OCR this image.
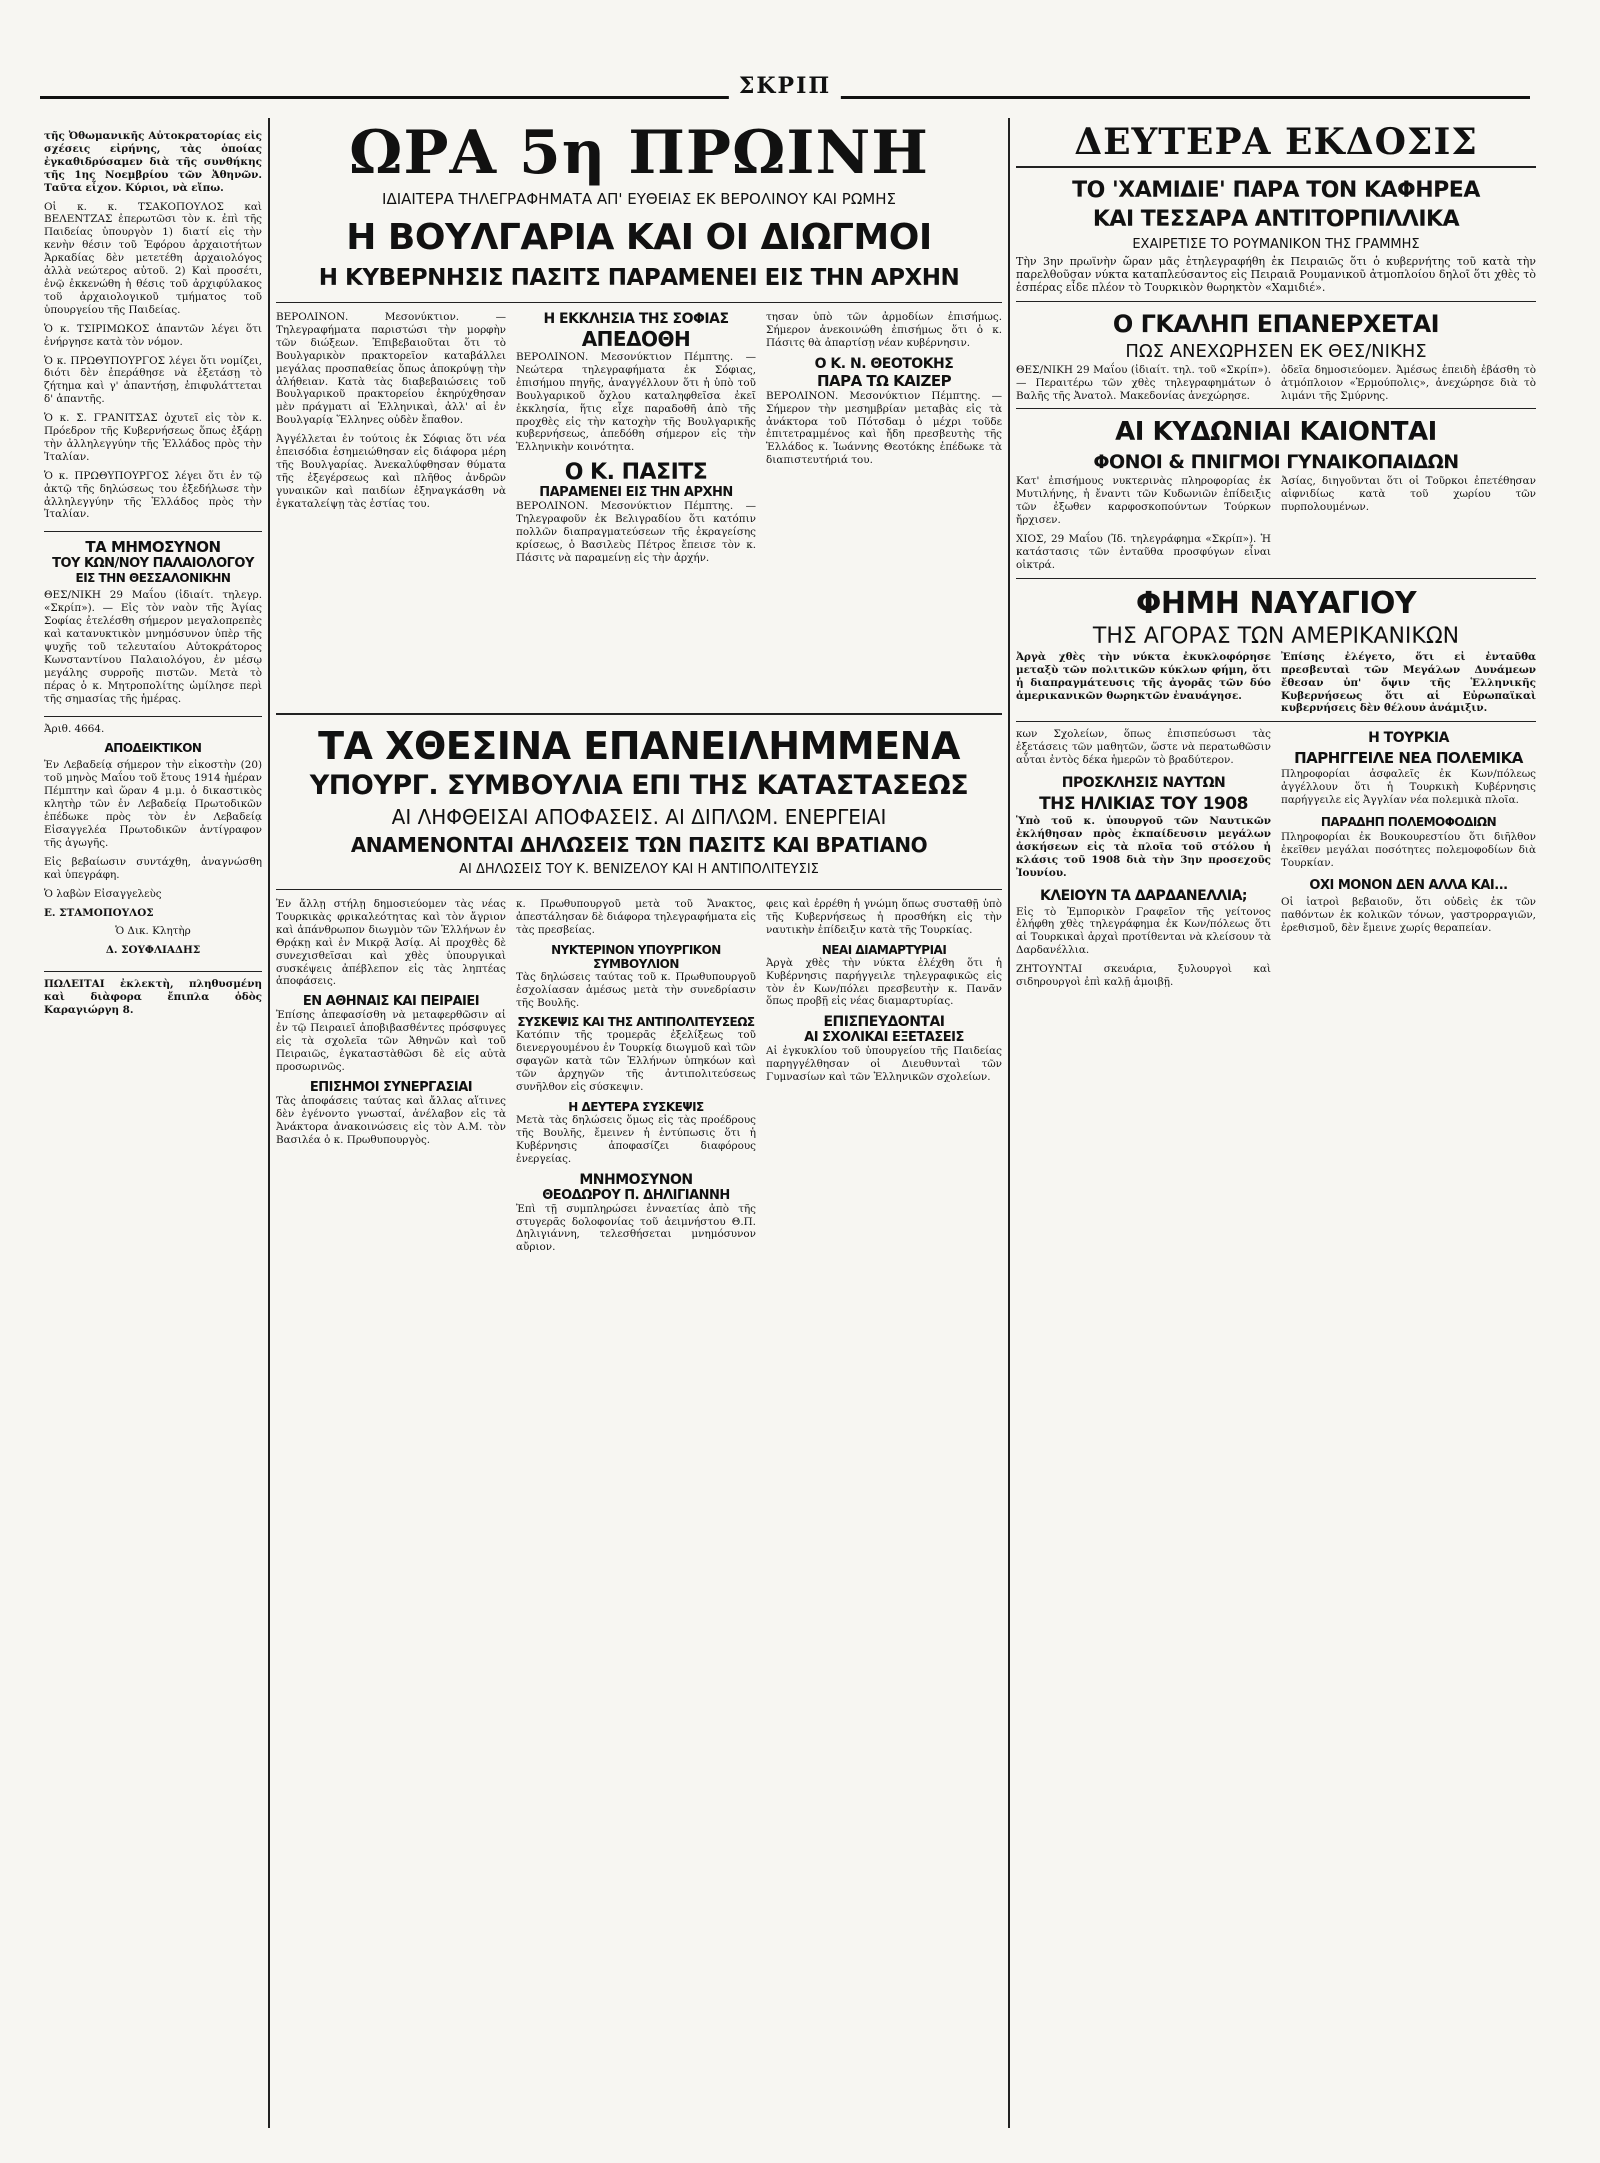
ΣΚΡΙΠ

τῆς Ὀθωμανικῆς Αὐτοκρατορίας εἰς σχέσεις εἰρήνης, τὰς ὁποίας ἐγκαθιδρύσαμεν διὰ τῆς συνθήκης τῆς 1ης Νοεμβρίου τῶν Ἀθηνῶν. Ταῦτα εἶχον. Κύριοι, νὰ εἴπω.

Οἱ κ. κ. ΤΣΑΚΟΠΟΥΛΟΣ καὶ ΒΕΛΕΝΤΖΑΣ ἐπερωτῶσι τὸν κ. ἐπὶ τῆς Παιδείας ὑπουργὸν 1) διατί εἰς τὴν κενὴν θέσιν τοῦ Ἐφόρου ἀρχαιοτήτων Ἀρκαδίας δὲν μετετέθη ἀρχαιολόγος ἀλλὰ νεώτερος αὐτοῦ. 2) Καὶ προσέτι, ἐνῷ ἐκκενώθη ἡ θέσις τοῦ ἀρχιφύλακος τοῦ ἀρχαιολογικοῦ τμήματος τοῦ ὑπουργείου τῆς Παιδείας.

Ὁ κ. ΤΣΙΡΙΜΩΚΟΣ ἀπαντῶν λέγει ὅτι ἐνήργησε κατὰ τὸν νόμον.

Ὁ κ. ΠΡΩΘΥΠΟΥΡΓΟΣ λέγει ὅτι νομίζει, διότι δὲν ἐπεράθησε νὰ ἐξετάσῃ τὸ ζήτημα καὶ γ' ἀπαντήσῃ, ἐπιφυλάττεται δ' ἀπαντῆς.

Ὁ κ. Σ. ΓΡΑΝΙΤΣΑΣ ὀχυτεῖ εἰς τὸν κ. Πρόεδρον τῆς Κυβερνήσεως ὅπως ἐξάρῃ τὴν ἀλληλεγγύην τῆς Ἑλλάδος πρὸς τὴν Ἰταλίαν.

Ὁ κ. ΠΡΩΘΥΠΟΥΡΓΟΣ λέγει ὅτι ἐν τῷ ἀκτῷ τῆς δηλώσεως του ἐξεδήλωσε τὴν ἀλληλεγγύην τῆς Ἑλλάδος πρὸς τὴν Ἰταλίαν.

ΤΑ ΜΗΜΟΣΥΝΟΝ
ΤΟΥ ΚΩΝ/ΝΟΥ ΠΑΛΑΙΟΛΟΓΟΥ
ΕΙΣ ΤΗΝ ΘΕΣΣΑΛΟΝΙΚΗΝ

ΘΕΣ/ΝΙΚΗ 29 Μαΐου (ἰδιαίτ. τηλεγρ. «Σκρίπ»). — Εἰς τὸν ναὸν τῆς Ἁγίας Σοφίας ἐτελέσθη σήμερον μεγαλοπρεπὲς καὶ κατανυκτικὸν μνημόσυνον ὑπὲρ τῆς ψυχῆς τοῦ τελευταίου Αὐτοκράτορος Κωνσταντίνου Παλαιολόγου, ἐν μέσῳ μεγάλης συρροῆς πιστῶν. Μετὰ τὸ πέρας ὁ κ. Μητροπολίτης ὡμίλησε περὶ τῆς σημασίας τῆς ἡμέρας.

Ἀριθ. 4664.
ΑΠΟΔΕΙΚΤΙΚΟΝ

Ἐν Λεβαδείᾳ σήμερον τὴν εἰκοστὴν (20) τοῦ μηνὸς Μαΐου τοῦ ἔτους 1914 ἡμέραν Πέμπτην καὶ ὥραν 4 μ.μ. ὁ δικαστικὸς κλητὴρ τῶν ἐν Λεβαδείᾳ Πρωτοδικῶν ἐπέδωκε πρὸς τὸν ἐν Λεβαδείᾳ Εἰσαγγελέα Πρωτοδικῶν ἀντίγραφον τῆς ἀγωγῆς.

Εἰς βεβαίωσιν συντάχθη, ἀναγνώσθη καὶ ὑπεγράφη.

Ὁ λαβὼν Εἰσαγγελεὺς
Ε. ΣΤΑΜΟΠΟΥΛΟΣ
Ὁ Δικ. Κλητὴρ
Δ. ΣΟΥΦΛΙΑΔΗΣ

ΠΩΛΕΙΤΑΙ ἐκλεκτὴ, πληθυσμένη καὶ διὰφορα ἔπιπλα ὁδὸς Καραγιώργη 8.

ΩΡΑ 5η ΠΡΩΙΝΗ
ΙΔΙΑΙΤΕΡΑ ΤΗΛΕΓΡΑΦΗΜΑΤΑ ΑΠ' ΕΥΘΕΙΑΣ ΕΚ ΒΕΡΟΛΙΝΟΥ ΚΑΙ ΡΩΜΗΣ
Η ΒΟΥΛΓΑΡΙΑ ΚΑΙ ΟΙ ΔΙΩΓΜΟΙ
Η ΚΥΒΕΡΝΗΣΙΣ ΠΑΣΙΤΣ ΠΑΡΑΜΕΝΕΙ ΕΙΣ ΤΗΝ ΑΡΧΗΝ

ΒΕΡΟΛΙΝΟΝ. Μεσονύκτιον. — Τηλεγραφήματα παριστώσι τὴν μορφὴν τῶν διώξεων. Ἐπιβεβαιοῦται ὅτι τὸ Βουλγαρικὸν πρακτορεῖον καταβάλλει μεγάλας προσπαθείας ὅπως ἀποκρύψῃ τὴν ἀλήθειαν. Κατὰ τὰς διαβεβαιώσεις τοῦ Βουλγαρικοῦ πρακτορείου ἐκηρύχθησαν μὲν πράγματι αἱ Ἑλληνικαὶ, ἀλλ' αἱ ἐν Βουλγαρίᾳ Ἕλληνες οὐδὲν ἔπαθον.

Ἀγγέλλεται ἐν τούτοις ἐκ Σόφιας ὅτι νέα ἐπεισόδια ἐσημειώθησαν εἰς διάφορα μέρη τῆς Βουλγαρίας. Ἀνεκαλύφθησαν θύματα τῆς ἐξεγέρσεως καὶ πλῆθος ἀνδρῶν γυναικῶν καὶ παιδίων ἐξηναγκάσθη νὰ ἐγκαταλείψῃ τὰς ἑστίας του.

Η ΕΚΚΛΗΣΙΑ ΤΗΣ ΣΟΦΙΑΣ
ΑΠΕΔΟΘΗ

ΒΕΡΟΛΙΝΟΝ. Μεσονύκτιον Πέμπτης. — Νεώτερα τηλεγραφήματα ἐκ Σόφιας, ἐπισήμου πηγῆς, ἀναγγέλλουν ὅτι ἡ ὑπὸ τοῦ Βουλγαρικοῦ ὄχλου καταληφθεῖσα ἐκεῖ ἐκκλησία, ἥτις εἶχε παραδοθῆ ἀπὸ τῆς προχθὲς εἰς τὴν κατοχὴν τῆς Βουλγαρικῆς κυβερνήσεως, ἀπεδόθη σήμερον εἰς τὴν Ἑλληνικὴν κοινότητα.

Ο Κ. ΠΑΣΙΤΣ
ΠΑΡΑΜΕΝΕΙ ΕΙΣ ΤΗΝ ΑΡΧΗΝ

ΒΕΡΟΛΙΝΟΝ. Μεσονύκτιον Πέμπτης. — Τηλεγραφοῦν ἐκ Βελιγραδίου ὅτι κατόπιν πολλῶν διαπραγματεύσεων τῆς ἐκραγείσης κρίσεως, ὁ Βασιλεὺς Πέτρος ἔπεισε τὸν κ. Πάσιτς νὰ παραμείνῃ εἰς τὴν ἀρχήν.

τησαν ὑπὸ τῶν ἀρμοδίων ἐπισήμως. Σήμερον ἀνεκοινώθη ἐπισήμως ὅτι ὁ κ. Πάσιτς θὰ ἀπαρτίσῃ νέαν κυβέρνησιν.

Ο Κ. Ν. ΘΕΟΤΟΚΗΣ
ΠΑΡΑ ΤΩ ΚΑΙΖΕΡ

ΒΕΡΟΛΙΝΟΝ. Μεσονύκτιον Πέμπτης. — Σήμερον τὴν μεσημβρίαν μεταβὰς εἰς τὰ ἀνάκτορα τοῦ Πότσδαμ ὁ μέχρι τοῦδε ἐπιτετραμμένος καὶ ἤδη πρεσβευτὴς τῆς Ἑλλάδος κ. Ἰωάννης Θεοτόκης ἐπέδωκε τὰ διαπιστευτήριά του.

ΤΑ ΧΘΕΣΙΝΑ ΕΠΑΝΕΙΛΗΜΜΕΝΑ
ΥΠΟΥΡΓ. ΣΥΜΒΟΥΛΙΑ ΕΠΙ ΤΗΣ ΚΑΤΑΣΤΑΣΕΩΣ
ΑΙ ΛΗΦΘΕΙΣΑΙ ΑΠΟΦΑΣΕΙΣ. ΑΙ ΔΙΠΛΩΜ. ΕΝΕΡΓΕΙΑΙ
ΑΝΑΜΕΝΟΝΤΑΙ ΔΗΛΩΣΕΙΣ ΤΩΝ ΠΑΣΙΤΣ ΚΑΙ ΒΡΑΤΙΑΝΟ
ΑΙ ΔΗΛΩΣΕΙΣ ΤΟΥ Κ. ΒΕΝΙΖΕΛΟΥ ΚΑΙ Η ΑΝΤΙΠΟΛΙΤΕΥΣΙΣ

Ἐν ἄλλῃ στήλῃ δημοσιεύομεν τὰς νέας Τουρκικὰς φρικαλεότητας καὶ τὸν ἄγριον καὶ ἀπάνθρωπον διωγμὸν τῶν Ἑλλήνων ἐν Θρᾴκῃ καὶ ἐν Μικρᾷ Ἀσίᾳ. Αἱ προχθὲς δὲ συνεχισθεῖσαι καὶ χθὲς ὑπουργικαὶ συσκέψεις ἀπέβλεπον εἰς τὰς ληπτέας ἀποφάσεις.

ΕΝ ΑΘΗΝΑΙΣ ΚΑΙ ΠΕΙΡΑΙΕΙ

Ἐπίσης ἀπεφασίσθη νὰ μεταφερθῶσιν αἱ ἐν τῷ Πειραιεῖ ἀποβιβασθέντες πρόσφυγες εἰς τὰ σχολεῖα τῶν Ἀθηνῶν καὶ τοῦ Πειραιῶς, ἐγκαταστὰθῶσι δὲ εἰς αὐτὰ προσωρινῶς.

ΕΠΙΣΗΜΟΙ ΣΥΝΕΡΓΑΣΙΑΙ

Τὰς ἀποφάσεις ταύτας καὶ ἄλλας αἵτινες δὲν ἐγένοντο γνωσταί, ἀνέλαβον εἰς τὰ Ἀνάκτορα ἀνακοινώσεις εἰς τὸν Α.Μ. τὸν Βασιλέα ὁ κ. Πρωθυπουργὸς.

κ. Πρωθυπουργοῦ μετὰ τοῦ Ἄνακτος, ἀπεστάλησαν δὲ διάφορα τηλεγραφήματα εἰς τὰς πρεσβείας.

ΝΥΚΤΕΡΙΝΟΝ ΥΠΟΥΡΓΙΚΟΝ ΣΥΜΒΟΥΛΙΟΝ

Τὰς δηλώσεις ταύτας τοῦ κ. Πρωθυπουργοῦ ἐσχολίασαν ἀμέσως μετὰ τὴν συνεδρίασιν τῆς Βουλῆς.

ΣΥΣΚΕΨΙΣ ΚΑΙ ΤΗΣ ΑΝΤΙΠΟΛΙΤΕΥΣΕΩΣ

Κατόπιν τῆς τρομερᾶς ἐξελίξεως τοῦ διενεργουμένου ἐν Τουρκίᾳ διωγμοῦ καὶ τῶν σφαγῶν κατὰ τῶν Ἑλλήνων ὑπηκόων καὶ τῶν ἀρχηγῶν τῆς ἀντιπολιτεύσεως συνῆλθον εἰς σύσκεψιν.

Η ΔΕΥΤΕΡΑ ΣΥΣΚΕΨΙΣ

Μετὰ τὰς δηλώσεις ὅμως εἰς τὰς προέδρους τῆς Βουλῆς, ἔμεινεν ἡ ἐντύπωσις ὅτι ἡ Κυβέρνησις ἀποφασίζει διαφόρους ἐνεργείας.

ΜΝΗΜΟΣΥΝΟΝ
ΘΕΟΔΩΡΟΥ Π. ΔΗΛΙΓΙΑΝΝΗ

Ἐπὶ τῇ συμπληρώσει ἐνναετίας ἀπὸ τῆς στυγερᾶς δολοφονίας τοῦ ἀειμνήστου Θ.Π. Δηλιγιάννη, τελεσθήσεται μνημόσυνον αὔριον.

φεις καὶ ἐρρέθη ἡ γνώμη ὅπως συσταθῇ ὑπὸ τῆς Κυβερνήσεως ἡ προσθήκη εἰς τὴν ναυτικὴν ἐπίδειξιν κατὰ τῆς Τουρκίας.

ΝΕΑΙ ΔΙΑΜΑΡΤΥΡΙΑΙ

Ἀργὰ χθὲς τὴν νύκτα ἐλέχθη ὅτι ἡ Κυβέρνησις παρήγγειλε τηλεγραφικῶς εἰς τὸν ἐν Κων/πόλει πρεσβευτὴν κ. Πανᾶν ὅπως προβῇ εἰς νέας διαμαρτυρίας.

ΕΠΙΣΠΕΥΔΟΝΤΑΙ
ΑΙ ΣΧΟΛΙΚΑΙ ΕΞΕΤΑΣΕΙΣ

Αἱ ἐγκυκλίου τοῦ ὑπουργείου τῆς Παιδείας παρηγγέλθησαν οἱ Διευθυνταὶ τῶν Γυμνασίων καὶ τῶν Ἑλληνικῶν σχολείων.

ΔΕΥΤΕΡΑ ΕΚΔΟΣΙΣ
ΤΟ 'ΧΑΜΙΔΙΕ' ΠΑΡΑ ΤΟΝ ΚΑΦΗΡΕΑ
ΚΑΙ ΤΕΣΣΑΡΑ ΑΝΤΙΤΟΡΠΙΛΛΙΚΑ
ΕΧΑΙΡΕΤΙΣΕ ΤΟ ΡΟΥΜΑΝΙΚΟΝ ΤΗΣ ΓΡΑΜΜΗΣ

Τὴν 3ην πρωϊνὴν ὥραν μᾶς ἐτηλεγραφήθη ἐκ Πειραιῶς ὅτι ὁ κυβερνήτης τοῦ κατὰ τὴν παρελθοῦσαν νύκτα καταπλεύσαντος εἰς Πειραιᾶ Ρουμανικοῦ ἀτμοπλοίου δηλοῖ ὅτι χθὲς τὸ ἑσπέρας εἶδε πλέον τὸ Τουρκικὸν θωρηκτὸν «Χαμιδιέ».

Ο ΓΚΑΛΗΠ ΕΠΑΝΕΡΧΕΤΑΙ
ΠΩΣ ΑΝΕΧΩΡΗΣΕΝ ΕΚ ΘΕΣ/ΝΙΚΗΣ

ΘΕΣ/ΝΙΚΗ 29 Μαΐου (ἰδιαίτ. τηλ. τοῦ «Σκρίπ»). — Περαιτέρω τῶν χθὲς τηλεγραφημάτων ὁ Βαλῆς τῆς Ἀνατολ. Μακεδονίας ἀνεχώρησε.

ὀδεῖα δημοσιεύομεν. Ἀμέσως ἐπειδὴ ἐβάσθη τὸ ἀτμόπλοιον «Ἑρμούπολις», ἀνεχώρησε διὰ τὸ λιμάνι τῆς Σμύρνης.

ΑΙ ΚΥΔΩΝΙΑΙ ΚΑΙΟΝΤΑΙ
ΦΟΝΟΙ & ΠΝΙΓΜΟΙ ΓΥΝΑΙΚΟΠΑΙΔΩΝ

Κατ' ἐπισήμους νυκτερινὰς πληροφορίας ἐκ Μυτιλήνης, ἡ ἔναντι τῶν Κυδωνιῶν ἐπίδειξις τῶν ἐξωθεν καρφοσκοπούντων Τούρκων ἤρχισεν.

ΧΙΟΣ, 29 Μαΐου (Ἰδ. τηλεγράφημα «Σκρίπ»). Ἡ κατάστασις τῶν ἐνταῦθα προσφύγων εἶναι οἰκτρά.

Ἀσίας, διηγοῦνται ὅτι οἱ Τοῦρκοι ἐπετέθησαν αἰφνιδίως κατὰ τοῦ χωρίου τῶν πυρπολουμένων.

ΦΗΜΗ ΝΑΥΑΓΙΟΥ
ΤΗΣ ΑΓΟΡΑΣ ΤΩΝ ΑΜΕΡΙΚΑΝΙΚΩΝ

Ἀργὰ χθὲς τὴν νύκτα ἐκυκλοφόρησε μεταξὺ τῶν πολιτικῶν κύκλων φήμη, ὅτι ἡ διαπραγμάτευσις τῆς ἀγορᾶς τῶν δύο ἀμερικανικῶν θωρηκτῶν ἐναυάγησε.

Ἐπίσης ἐλέγετο, ὅτι εἰ ἐνταῦθα πρεσβευταὶ τῶν Μεγάλων Δυνάμεων ἔθεσαν ὑπ' ὄψιν τῆς Ἑλληνικῆς Κυβερνήσεως ὅτι αἱ Εὐρωπαϊκαὶ κυβερνήσεις δὲν θέλουν ἀνάμιξιν.

κων Σχολείων, ὅπως ἐπισπεύσωσι τὰς ἐξετάσεις τῶν μαθητῶν, ὥστε νὰ περατωθῶσιν αὗται ἐντὸς δέκα ἡμερῶν τὸ βραδύτερον.

ΠΡΟΣΚΛΗΣΙΣ ΝΑΥΤΩΝ
ΤΗΣ ΗΛΙΚΙΑΣ ΤΟΥ 1908

Ὑπὸ τοῦ κ. ὑπουργοῦ τῶν Ναυτικῶν ἐκλήθησαν πρὸς ἐκπαίδευσιν μεγάλων ἀσκήσεων εἰς τὰ πλοῖα τοῦ στόλου ἡ κλάσις τοῦ 1908 διὰ τὴν 3ην προσεχοῦς Ἰουνίου.

ΚΛΕΙΟΥΝ ΤΑ ΔΑΡΔΑΝΕΛΛΙΑ;

Εἰς τὸ Ἐμπορικὸν Γραφεῖον τῆς γείτονος ἐλήφθη χθὲς τηλεγράφημα ἐκ Κων/πόλεως ὅτι αἱ Τουρκικαὶ ἀρχαὶ προτίθενται νὰ κλείσουν τὰ Δαρδανέλλια.

ΖΗΤΟΥΝΤΑΙ σκευάρια, ξυλουργοὶ καὶ σιδηρουργοὶ ἐπὶ καλῇ ἀμοιβῇ.

Η ΤΟΥΡΚΙΑ
ΠΑΡΗΓΓΕΙΛΕ ΝΕΑ ΠΟΛΕΜΙΚΑ

Πληροφορίαι ἀσφαλεῖς ἐκ Κων/πόλεως ἀγγέλλουν ὅτι ἡ Τουρκικὴ Κυβέρνησις παρήγγειλε εἰς Ἀγγλίαν νέα πολεμικὰ πλοῖα.

ΠΑΡΑΔΗΠ ΠΟΛΕΜΟΦΟΔΙΩΝ

Πληροφορίαι ἐκ Βουκουρεστίου ὅτι διῆλθον ἐκεῖθεν μεγάλαι ποσότητες πολεμοφοδίων διὰ Τουρκίαν.

ΟΧΙ ΜΟΝΟΝ ΔΕΝ ΑΛΛΑ ΚΑΙ...

Οἱ ἰατροὶ βεβαιοῦν, ὅτι οὐδεὶς ἐκ τῶν παθόντων ἐκ κολικῶν τόνων, γαστρορραγιῶν, ἐρεθισμοῦ, δὲν ἔμεινε χωρίς θεραπείαν.
